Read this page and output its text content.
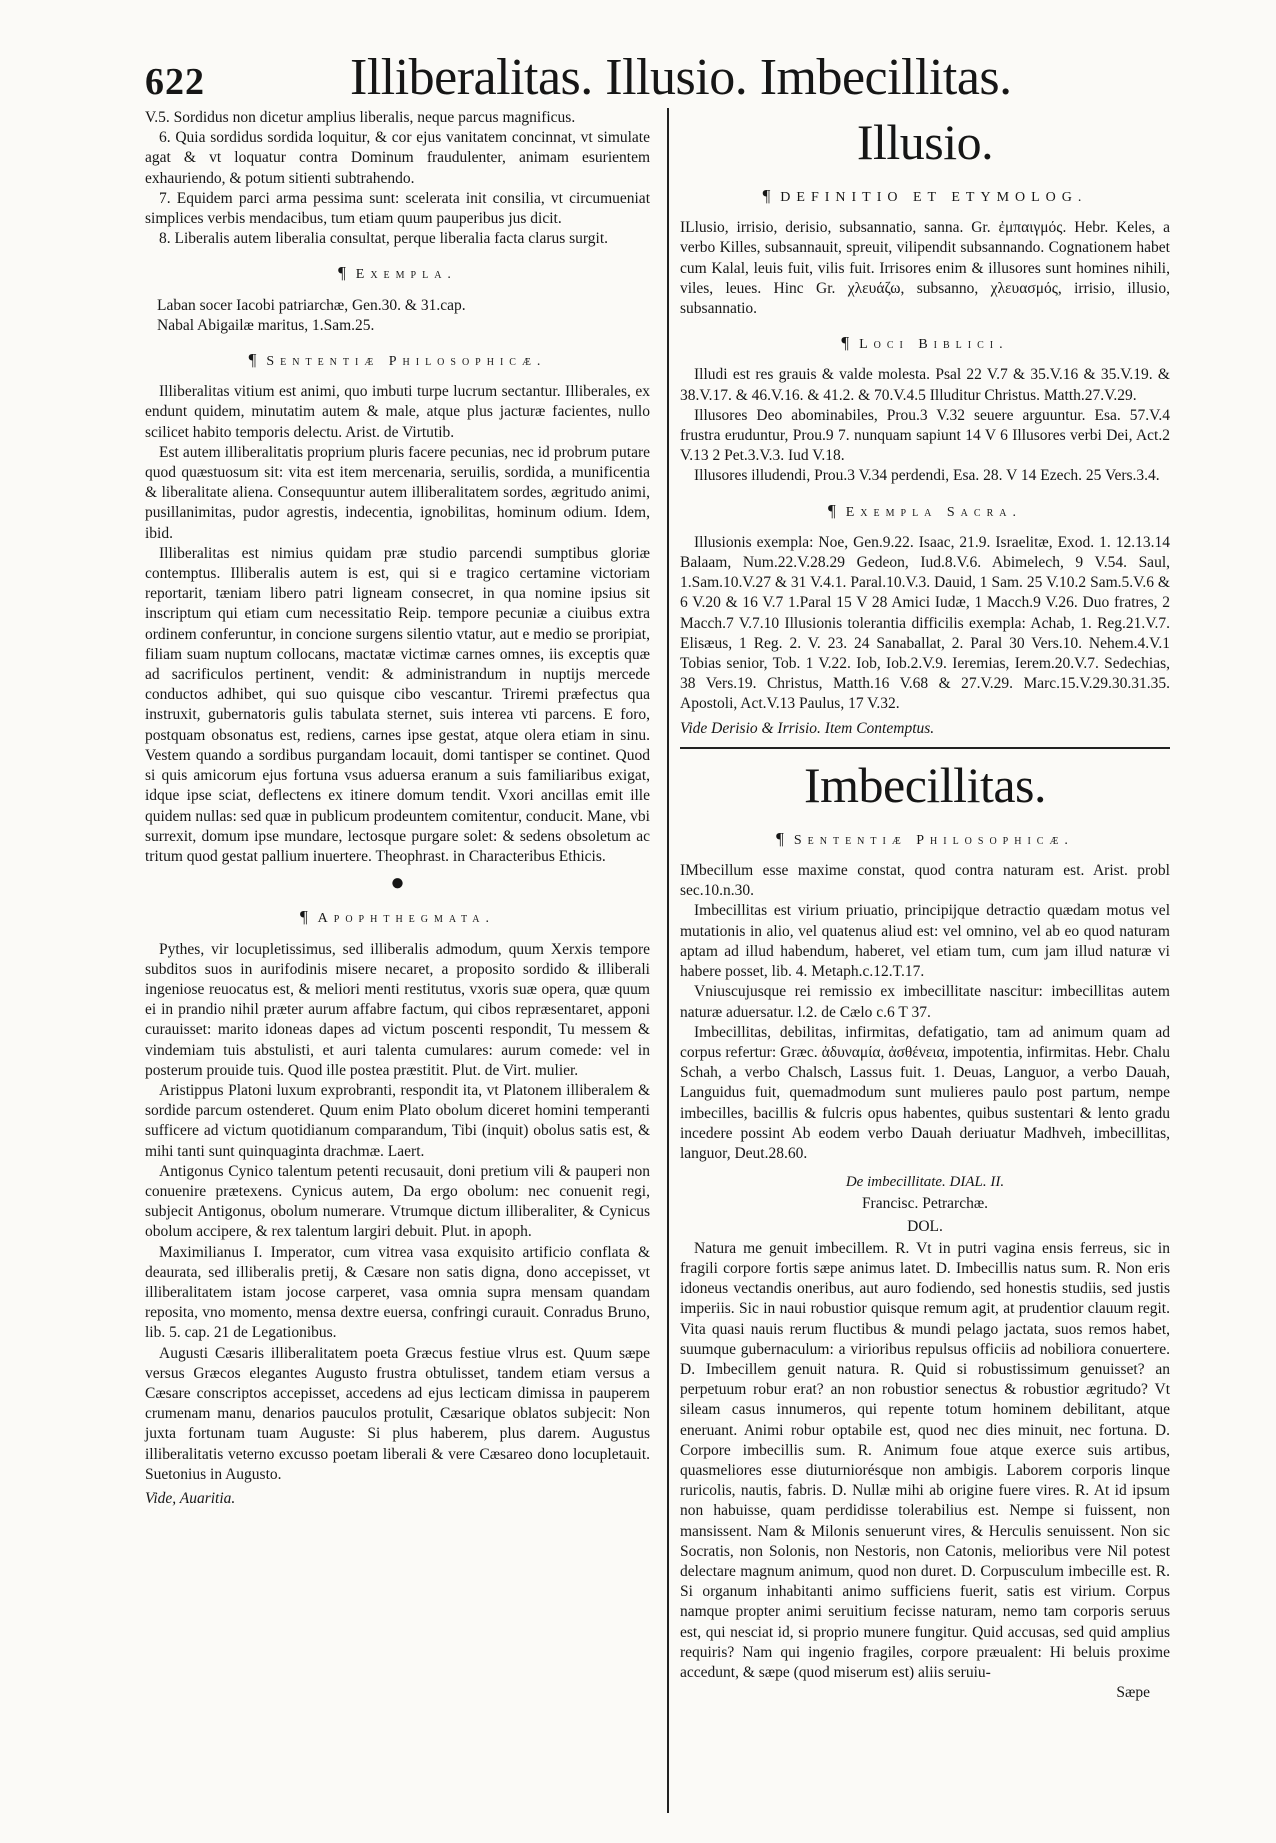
622	Illiberalitas. Illusio. Imbecillitas.

V.5. Sordidus non dicetur amplius liberalis, neque parcus magnificus.

6. Quia sordidus sordida loquitur, & cor ejus vanitatem concinnat, vt simulate agat & vt loquatur contra Dominum fraudulenter, animam esurientem exhauriendo, & potum sitienti subtrahendo.

7. Equidem parci arma pessima sunt: scelerata init consilia, vt circumueniat simplices verbis mendacibus, tum etiam quum pauperibus jus dicit.

8. Liberalis autem liberalia consultat, perque liberalia facta clarus surgit.

¶ Exempla.

Laban socer Iacobi patriarchæ, Gen.30. & 31.cap.

Nabal Abigailæ maritus, 1.Sam.25.

¶ Sententiæ Philosophicæ.

Illiberalitas vitium est animi, quo imbuti turpe lucrum sectantur. Illiberales, ex endunt quidem, minutatim autem & male, atque plus jacturæ facientes, nullo scilicet habito temporis delectu. Arist. de Virtutib.

Est autem illiberalitatis proprium pluris facere pecunias, nec id probrum putare quod quæstuosum sit: vita est item mercenaria, seruilis, sordida, a munificentia & liberalitate aliena. Consequuntur autem illiberalitatem sordes, ægritudo animi, pusillanimitas, pudor agrestis, indecentia, ignobilitas, hominum odium. Idem, ibid.

Illiberalitas est nimius quidam præ studio parcendi sumptibus gloriæ contemptus. Illiberalis autem is est, qui si e tragico certamine victoriam reportarit, tæniam libero patri ligneam consecret, in qua nomine ipsius sit inscriptum qui etiam cum necessitatio Reip. tempore pecuniæ a ciuibus extra ordinem conferuntur, in concione surgens silentio vtatur, aut e medio se proripiat, filiam suam nuptum collocans, mactatæ victimæ carnes omnes, iis exceptis quæ ad sacrificulos pertinent, vendit: & administrandum in nuptijs mercede conductos adhibet, qui suo quisque cibo vescantur. Triremi præfectus qua instruxit, gubernatoris gulis tabulata sternet, suis interea vti parcens. E foro, postquam obsonatus est, rediens, carnes ipse gestat, atque olera etiam in sinu. Vestem quando a sordibus purgandam locauit, domi tantisper se continet. Quod si quis amicorum ejus fortuna vsus aduersa eranum a suis familiaribus exigat, idque ipse sciat, deflectens ex itinere domum tendit. Vxori ancillas emit ille quidem nullas: sed quæ in publicum prodeuntem comitentur, conducit. Mane, vbi surrexit, domum ipse mundare, lectosque purgare solet: & sedens obsoletum ac tritum quod gestat pallium inuertere. Theophrast. in Characteribus Ethicis.

●
¶ Apophthegmata.

Pythes, vir locupletissimus, sed illiberalis admodum, quum Xerxis tempore subditos suos in aurifodinis misere necaret, a proposito sordido & illiberali ingeniose reuocatus est, & meliori menti restitutus, vxoris suæ opera, quæ quum ei in prandio nihil præter aurum affabre factum, qui cibos repræsentaret, apponi curauisset: marito idoneas dapes ad victum poscenti respondit, Tu messem & vindemiam tuis abstulisti, et auri talenta cumulares: aurum comede: vel in posterum prouide tuis. Quod ille postea præstitit. Plut. de Virt. mulier.

Aristippus Platoni luxum exprobranti, respondit ita, vt Platonem illiberalem & sordide parcum ostenderet. Quum enim Plato obolum diceret homini temperanti sufficere ad victum quotidianum comparandum, Tibi (inquit) obolus satis est, & mihi tanti sunt quinquaginta drachmæ. Laert.

Antigonus Cynico talentum petenti recusauit, doni pretium vili & pauperi non conuenire prætexens. Cynicus autem, Da ergo obolum: nec conuenit regi, subjecit Antigonus, obolum numerare. Vtrumque dictum illiberaliter, & Cynicus obolum accipere, & rex talentum largiri debuit. Plut. in apoph.

Maximilianus I. Imperator, cum vitrea vasa exquisito artificio conflata & deaurata, sed illiberalis pretij, & Cæsare non satis digna, dono accepisset, vt illiberalitatem istam jocose carperet, vasa omnia supra mensam quandam reposita, vno momento, mensa dextre euersa, confringi curauit. Conradus Bruno, lib. 5. cap. 21 de Legationibus.

Augusti Cæsaris illiberalitatem poeta Græcus festiue vlrus est. Quum sæpe versus Græcos elegantes Augusto frustra obtulisset, tandem etiam versus a Cæsare conscriptos accepisset, accedens ad ejus lecticam dimissa in pauperem crumenam manu, denarios pauculos protulit, Cæsarique oblatos subjecit: Non juxta fortunam tuam Auguste: Si plus haberem, plus darem. Augustus illiberalitatis veterno excusso poetam liberali & vere Cæsareo dono locupletauit. Suetonius in Augusto.

Vide, Auaritia.

Illusio.
¶ DEFINITIO ET ETYMOLOG.

ILlusio, irrisio, derisio, subsannatio, sanna. Gr. ἐμπαιγμός. Hebr. Keles, a verbo Killes, subsannauit, spreuit, vilipendit subsannando. Cognationem habet cum Kalal, leuis fuit, vilis fuit. Irrisores enim & illusores sunt homines nihili, viles, leues. Hinc Gr. χλευάζω, subsanno, χλευασμός, irrisio, illusio, subsannatio.

¶ Loci Biblici.

Illudi est res grauis & valde molesta. Psal 22 V.7 & 35.V.16 & 35.V.19. & 38.V.17. & 46.V.16. & 41.2. & 70.V.4.5 Illuditur Christus. Matth.27.V.29.

Illusores Deo abominabiles, Prou.3 V.32 seuere arguuntur. Esa. 57.V.4 frustra eruduntur, Prou.9 7. nunquam sapiunt 14 V 6 Illusores verbi Dei, Act.2 V.13 2 Pet.3.V.3. Iud V.18.

Illusores illudendi, Prou.3 V.34 perdendi, Esa. 28. V 14 Ezech. 25 Vers.3.4.

¶ Exempla Sacra.

Illusionis exempla: Noe, Gen.9.22. Isaac, 21.9. Israelitæ, Exod. 1. 12.13.14 Balaam, Num.22.V.28.29 Gedeon, Iud.8.V.6. Abimelech, 9 V.54. Saul, 1.Sam.10.V.27 & 31 V.4.1. Paral.10.V.3. Dauid, 1 Sam. 25 V.10.2 Sam.5.V.6 & 6 V.20 & 16 V.7 1.Paral 15 V 28 Amici Iudæ, 1 Macch.9 V.26. Duo fratres, 2 Macch.7 V.7.10 Illusionis tolerantia difficilis exempla: Achab, 1. Reg.21.V.7. Elisæus, 1 Reg. 2. V. 23. 24 Sanaballat, 2. Paral 30 Vers.10. Nehem.4.V.1 Tobias senior, Tob. 1 V.22. Iob, Iob.2.V.9. Ieremias, Ierem.20.V.7. Sedechias, 38 Vers.19. Christus, Matth.16 V.68 & 27.V.29. Marc.15.V.29.30.31.35. Apostoli, Act.V.13 Paulus, 17 V.32.

Vide Derisio & Irrisio. Item Contemptus.

Imbecillitas.
¶ Sententiæ Philosophicæ.

IMbecillum esse maxime constat, quod contra naturam est. Arist. probl sec.10.n.30.

Imbecillitas est virium priuatio, principijque detractio quædam motus vel mutationis in alio, vel quatenus aliud est: vel omnino, vel ab eo quod naturam aptam ad illud habendum, haberet, vel etiam tum, cum jam illud naturæ vi habere posset, lib. 4. Metaph.c.12.T.17.

Vniuscujusque rei remissio ex imbecillitate nascitur: imbecillitas autem naturæ aduersatur. l.2. de Cælo c.6 T 37.

Imbecillitas, debilitas, infirmitas, defatigatio, tam ad animum quam ad corpus refertur: Græc. ἀδυναμία, ἀσθένεια, impotentia, infirmitas. Hebr. Chalu Schah, a verbo Chalsch, Lassus fuit. 1. Deuas, Languor, a verbo Dauah, Languidus fuit, quemadmodum sunt mulieres paulo post partum, nempe imbecilles, bacillis & fulcris opus habentes, quibus sustentari & lento gradu incedere possint Ab eodem verbo Dauah deriuatur Madhveh, imbecillitas, languor, Deut.28.60.

De imbecillitate. DIAL. II.
Francisc. Petrarchæ.
DOL.

Natura me genuit imbecillem. R. Vt in putri vagina ensis ferreus, sic in fragili corpore fortis sæpe animus latet. D. Imbecillis natus sum. R. Non eris idoneus vectandis oneribus, aut auro fodiendo, sed honestis studiis, sed justis imperiis. Sic in naui robustior quisque remum agit, at prudentior clauum regit. Vita quasi nauis rerum fluctibus & mundi pelago jactata, suos remos habet, suumque gubernaculum: a virioribus repulsus officiis ad nobiliora conuertere. D. Imbecillem genuit natura. R. Quid si robustissimum genuisset? an perpetuum robur erat? an non robustior senectus & robustior ægritudo? Vt sileam casus innumeros, qui repente totum hominem debilitant, atque eneruant. Animi robur optabile est, quod nec dies minuit, nec fortuna. D. Corpore imbecillis sum. R. Animum foue atque exerce suis artibus, quasmeliores esse diuturniorésque non ambigis. Laborem corporis linque ruricolis, nautis, fabris. D. Nullæ mihi ab origine fuere vires. R. At id ipsum non habuisse, quam perdidisse tolerabilius est. Nempe si fuissent, non mansissent. Nam & Milonis senuerunt vires, & Herculis senuissent. Non sic Socratis, non Solonis, non Nestoris, non Catonis, melioribus vere Nil potest delectare magnum animum, quod non duret. D. Corpusculum imbecille est. R. Si organum inhabitanti animo sufficiens fuerit, satis est virium. Corpus namque propter animi seruitium fecisse naturam, nemo tam corporis seruus est, qui nesciat id, si proprio munere fungitur. Quid accusas, sed quid amplius requiris? Nam qui ingenio fragiles, corpore præualent: Hi beluis proxime accedunt, & sæpe (quod miserum est) aliis seruiu-

Sæpe
